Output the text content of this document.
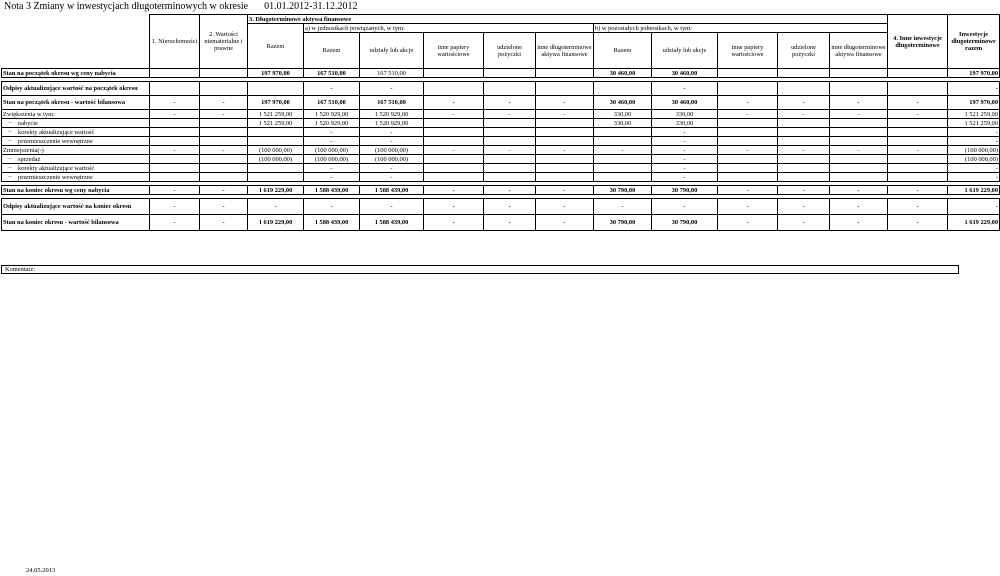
Nota 3 Zmiany w inwestycjach długoterminowych w okresie 01.01.2012-31.12.2012
	1. Nieruchomości	2. Wartości niematerialne i prawne	3. Długoterminowe aktywa finansowe											4. Inne inwestycje długoterminowe	Inwestycje długoterminowe razem
			Razem	a) w jednostkach powiązanych, w tym:					b) w pozostałych jednostkach, w tym:						
				Razem	udziały lub akcje	inne papiery wartościowe	udzielone pożyczki	inne długoterminowe aktywa finansowe	Razem	udziały lub akcje	inne papiery wartościowe	udzielone pożyczki	inne długoterminowe aktywa finansowe		
Stan na początek okresu wg ceny nabycia			197 970,00	167 510,00	167 510,00				30 460,00	30 460,00					197 970,00

Odpisy aktualizujące wartość na początek okresu				-	-					-					-
Stan na początek okresu - wartość bilansowa	-	-	197 970,00	167 510,00	167 510,00	-	-	-	30 460,00	30 460,00	-	-	-	-	197 970,00
Zwiększenia w tym:	-	-	1 521 259,00	1 520 929,00	1 520 929,00	-	-	-	330,00	330,00	-	-	-	-	1 521 259,00
−    nabycie			1 521 259,00	1 520 929,00	1 520 929,00				330,00	330,00					1 521 259,00
−    korekty aktualizujące wartość				-	-					-					-
−    przemieszczenie wewnętrzne				-	-					-					-
Zmniejszenia(-)	-	-	(100 000,00)	(100 000,00)	(100 000,00)	-	-	-	-	-	-	-	-	-	(100 000,00)
−    sprzedaż			(100 000,00)	(100 000,00)	(100 000,00)					-					(100 000,00)
−    korekty aktualizujące wartość				-	-					-					-
−    przemieszczenie wewnętrzne				-	-					-					-

Stan na koniec okresu wg ceny nabycia	-	-	1 619 229,00	1 588 439,00	1 588 439,00	-	-	-	30 790,00	30 790,00	-	-	-	-	1 619 229,00

Odpisy aktualizujące wartość na koniec okresu	-	-	-	-	-	-	-	-	-	-	-	-	-	-	-
Stan na koniec okresu - wartość bilansowa	-	-	1 619 229,00	1 588 439,00	1 588 439,00	-	-	-	30 790,00	30 790,00	-	-	-	-	1 619 229,00
Komentarz:
24.05.2013
